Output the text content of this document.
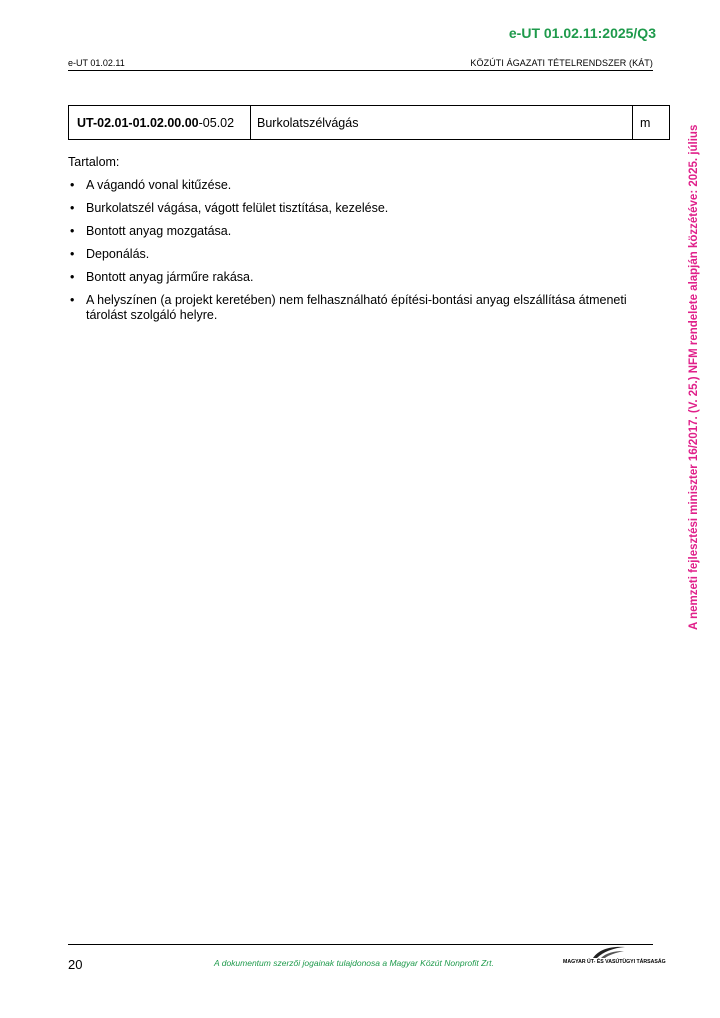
e-UT 01.02.11:2025/Q3
e-UT 01.02.11	KÖZÚTI ÁGAZATI TÉTELRENDSZER (KÁT)
UT-02.01-01.02.00.00 -05.02	Burkolatszélvágás	m
Tartalom:
• A vágandó vonal kitűzése.
• Burkolatszél vágása, vágott felület tisztítása, kezelése.
• Bontott anyag mozgatása.
• Deponálás.
• Bontott anyag járműre rakása.
• A helyszínen (a projekt keretében) nem felhasználható építési-bontási anyag elszállítása átmeneti tárolást szolgáló helyre.	A nemzeti fejlesztési miniszter 16/2017. (V. 25.) NFM rendelete alapján közzétéve: 2025. július
20	A dokumentum szerzői jogainak tulajdonosa a Magyar Közút Nonprofit Zrt.	MAGYAR ÚT- ÉS VASÚTÜGYI TÁRSASÁG
